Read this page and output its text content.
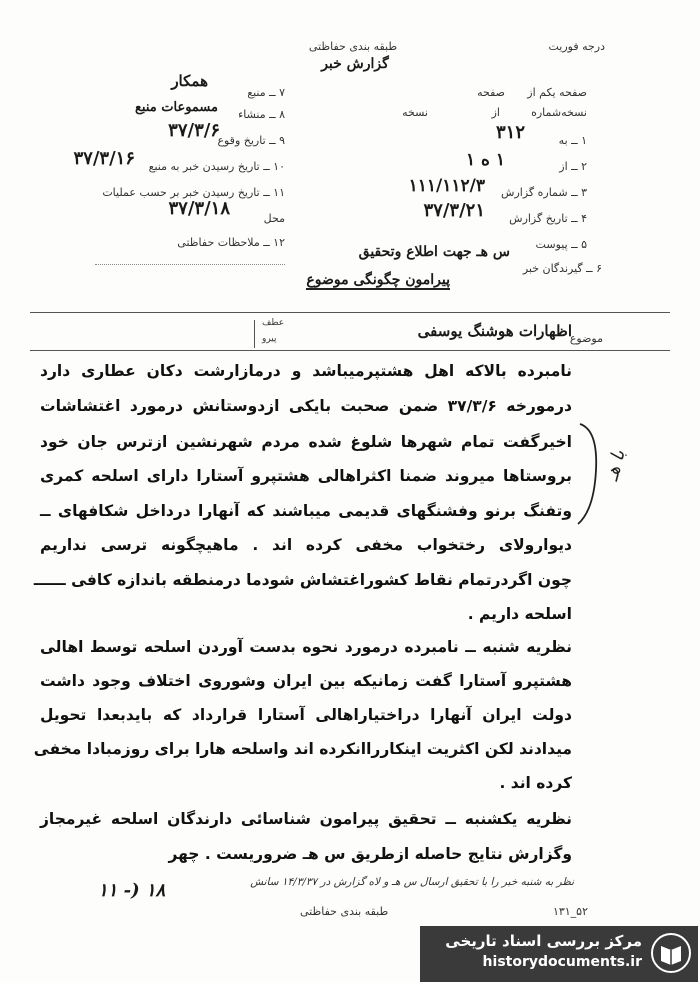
درجه فوریت
طبقه بندی حفاظتی
گزارش خبر
صفحه یکم از
صفحه
نسخه‌شماره
از
نسخه
۱ ــ به
۳۱۲
۲ ــ از
۱ ه ۱
۳ ــ شماره گزارش
۱۱۱/۱۱۲/۳
۴ ــ تاریخ گزارش
۳۷/۳/۲۱
۵ ــ پیوست
۶ ــ گیرندگان خبر
س هـ جهت اطلاع وتحقیق
۷ ــ منبع
همکار
۸ ــ منشاء
مسموعات منبع
۹ ــ تاریخ وقوع
۳۷/۳/۶
۱۰ ــ تاریخ رسیدن خبر به منبع
۳۷/۳/۱۶
۱۱ ــ تاریخ رسیدن خبر بر حسب عملیات
۳۷/۳/۱۸	محل
۱۲ ــ ملاحظات حفاظتی
پیرامون چگونگی موضوع
موضوع
اظهارات هوشنگ یوسفی
عطف
پیرو
نامبرده بالاکه اهل هشتپرمیباشد و درمازارشت دکان عطاری دارد
درمورخه ۳۷/۳/۶ ضمن صحبت بایکی ازدوستانش درمورد اغتشاشات
اخیرگفت تمام شهرها شلوغ شده مردم شهرنشین ازترس جان خود
بروستاها میروند ضمنا اکثراهالی هشتپرو آستارا دارای اسلحه کمری
وتفنگ برنو وفشنگهای قدیمی میباشند که آنهارا درداخل شکافهای ــ
دیوارولای رختخواب مخفی کرده اند . ماهیچگونه ترسی نداریم
چون اگردرتمام نقاط کشوراغتشاش شودما درمنطقه باندازه کافی ــــــ
اسلحه داریم .
نظریه شنبه ــ نامبرده درمورد نحوه بدست آوردن اسلحه توسط اهالی
هشتپرو آستارا گفت زمانیکه بین ایران وشوروی اختلاف وجود داشت
دولت ایران آنهارا دراختیاراهالی آستارا قرارداد که بایدبعدا تحویل
میدادند لکن اکثریت اینکارراانکرده اند واسلحه هارا برای روزمبادا مخفی
کرده اند .
نظریه یکشنبه ــ تحقیق پیرامون شناسائی دارندگان اسلحه غیرمجاز
وگزارش نتایج حاصله ازطریق س هـ ضروریست . چهر
با هـ
نظر به شنبه خبر را با تحقیق ارسال س هـ و لاه گزارش در ۱۴/۳/۳۷ سانش
۱۸ (- ۱۱
۵۲_۱۳۱
طبقه بندی حفاظتی
مرکز بررسی اسناد تاریخی
historydocuments.ir
